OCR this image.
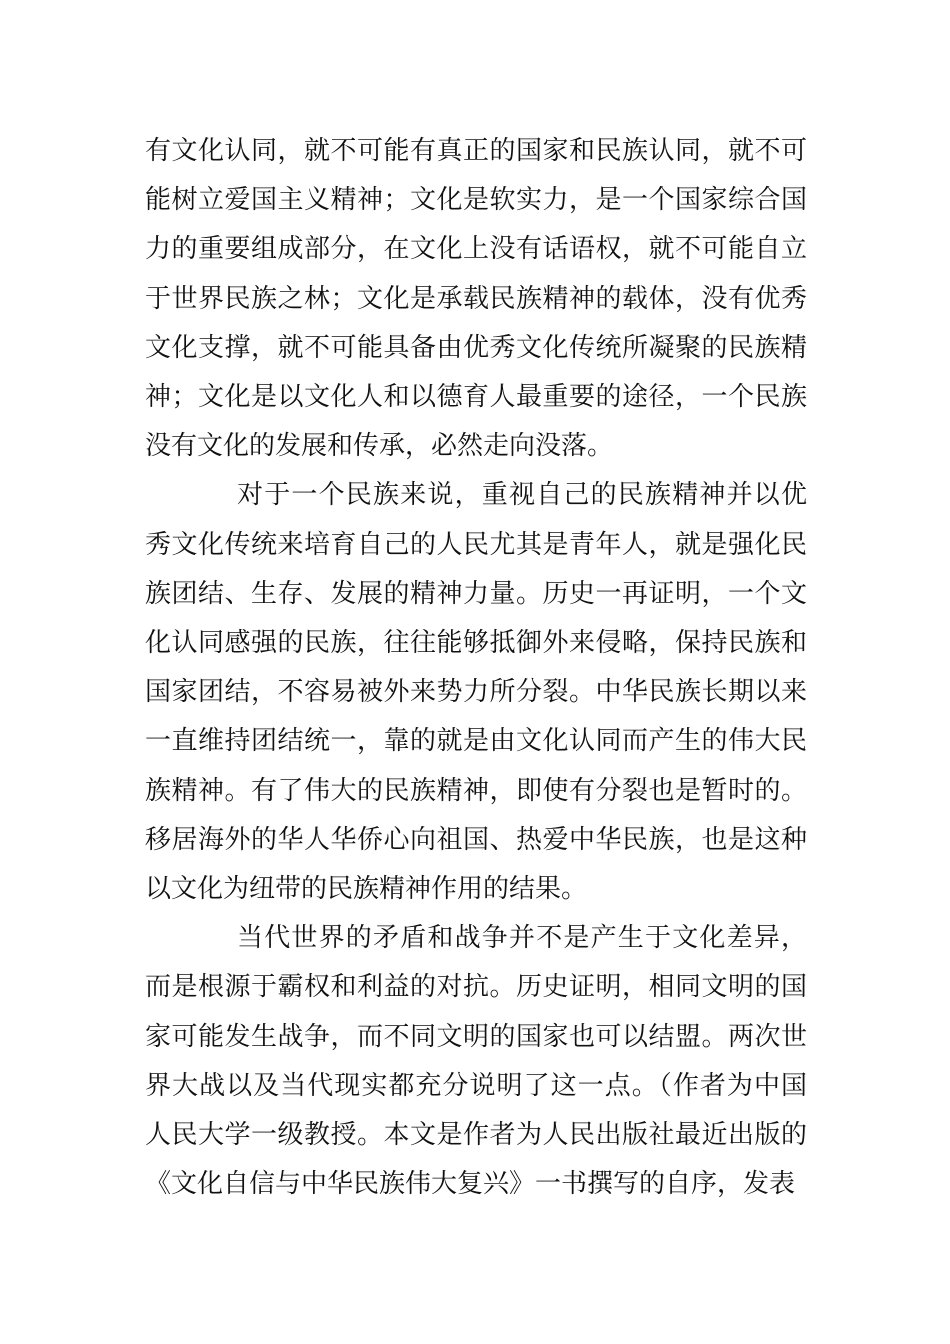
有文化认同，就不可能有真正的国家和民族认同，就不可能树立爱国主义精神；文化是软实力，是一个国家综合国力的重要组成部分，在文化上没有话语权，就不可能自立于世界民族之林；文化是承载民族精神的载体，没有优秀文化支撑，就不可能具备由优秀文化传统所凝聚的民族精神；文化是以文化人和以德育人最重要的途径，一个民族没有文化的发展和传承，必然走向没落。

对于一个民族来说，重视自己的民族精神并以优秀文化传统来培育自己的人民尤其是青年人，就是强化民族团结、生存、发展的精神力量。历史一再证明，一个文化认同感强的民族，往往能够抵御外来侵略，保持民族和国家团结，不容易被外来势力所分裂。中华民族长期以来一直维持团结统一，靠的就是由文化认同而产生的伟大民族精神。有了伟大的民族精神，即使有分裂也是暂时的。移居海外的华人华侨心向祖国、热爱中华民族，也是这种以文化为纽带的民族精神作用的结果。

当代世界的矛盾和战争并不是产生于文化差异，而是根源于霸权和利益的对抗。历史证明，相同文明的国家可能发生战争，而不同文明的国家也可以结盟。两次世界大战以及当代现实都充分说明了这一点。（作者为中国人民大学一级教授。本文是作者为人民出版社最近出版的《文化自信与中华民族伟大复兴》一书撰写的自序，发表
